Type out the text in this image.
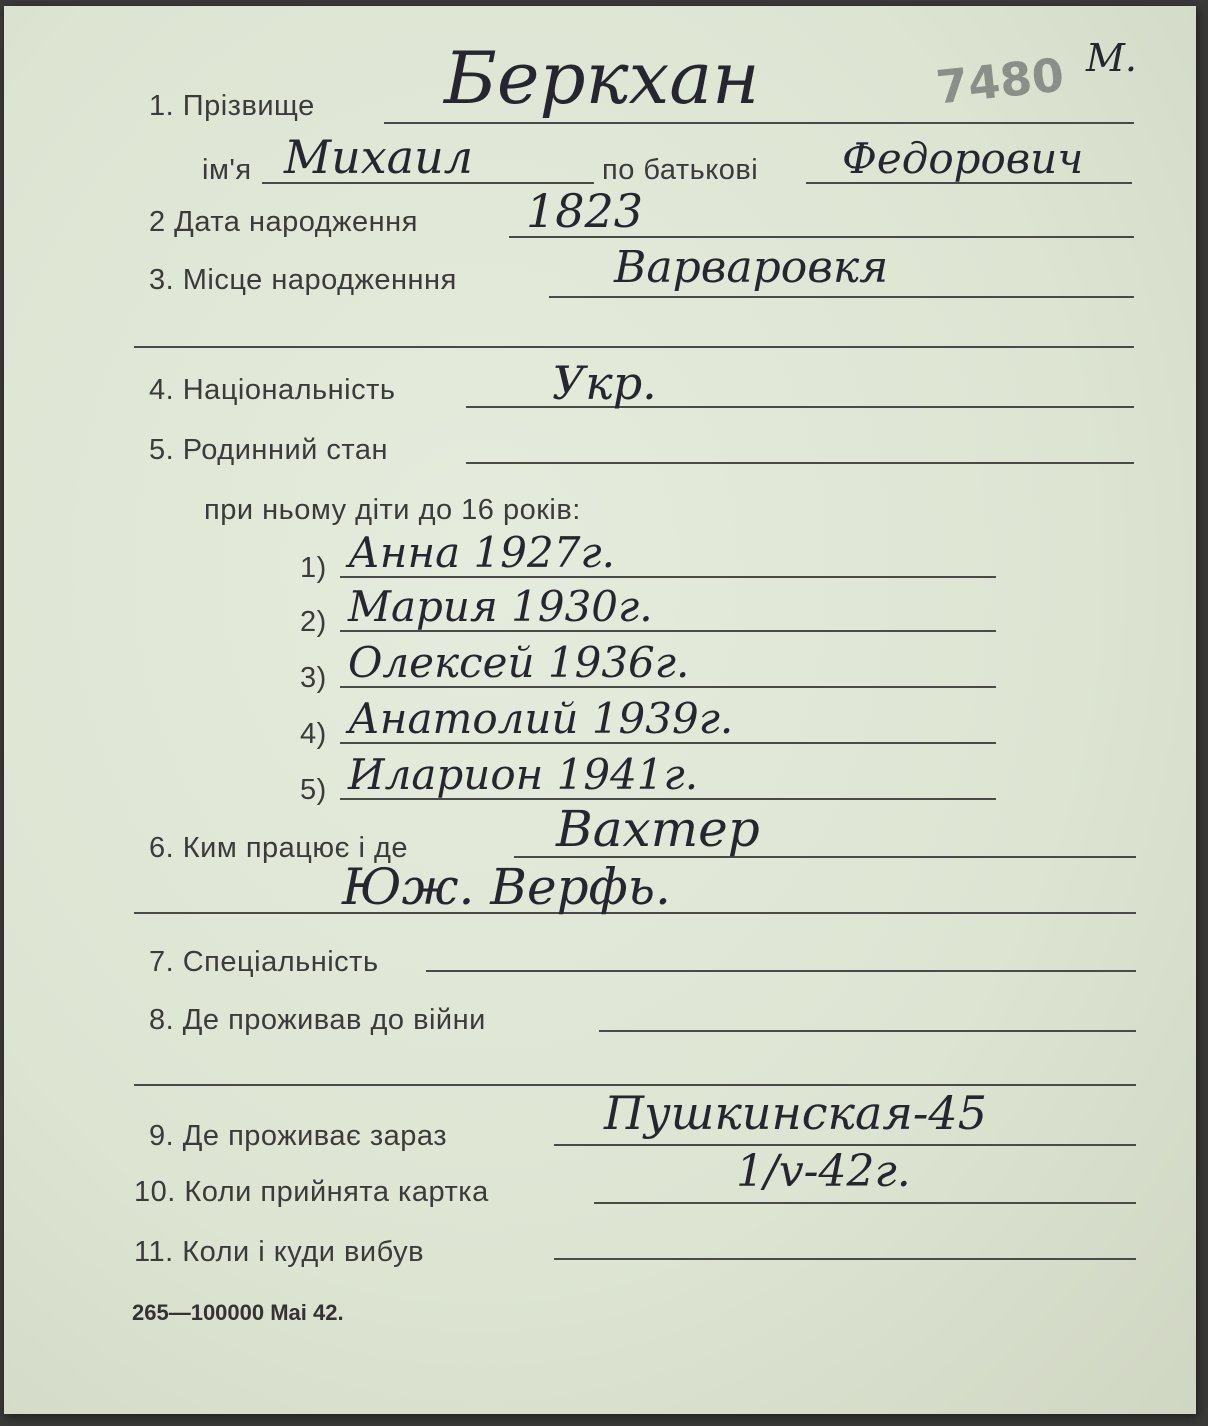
7480 М.
1. Прізвище Беркхан
ім'я Михаил	по батькові Федорович
2 Дата народження 1823
3. Місце народженння	Варваровкя
4. Національність	Укр.
5. Родинний стан
при ньому діти до 16 років:
1) Анна 1927г.
2) Мария 1930г.
3) Олексей 1936г.
4) Анатолий 1939г.
5) Иларион 1941г.
6. Ким працює і де	Вахтер
Юж. Верфь.
7. Спеціальність
8. Де проживав до війни
9. Де проживає зараз	Пушкинская-45
10. Коли прийнята картка	1/v-42г.
11. Коли і куди вибув
265—100000 Mai 42.
